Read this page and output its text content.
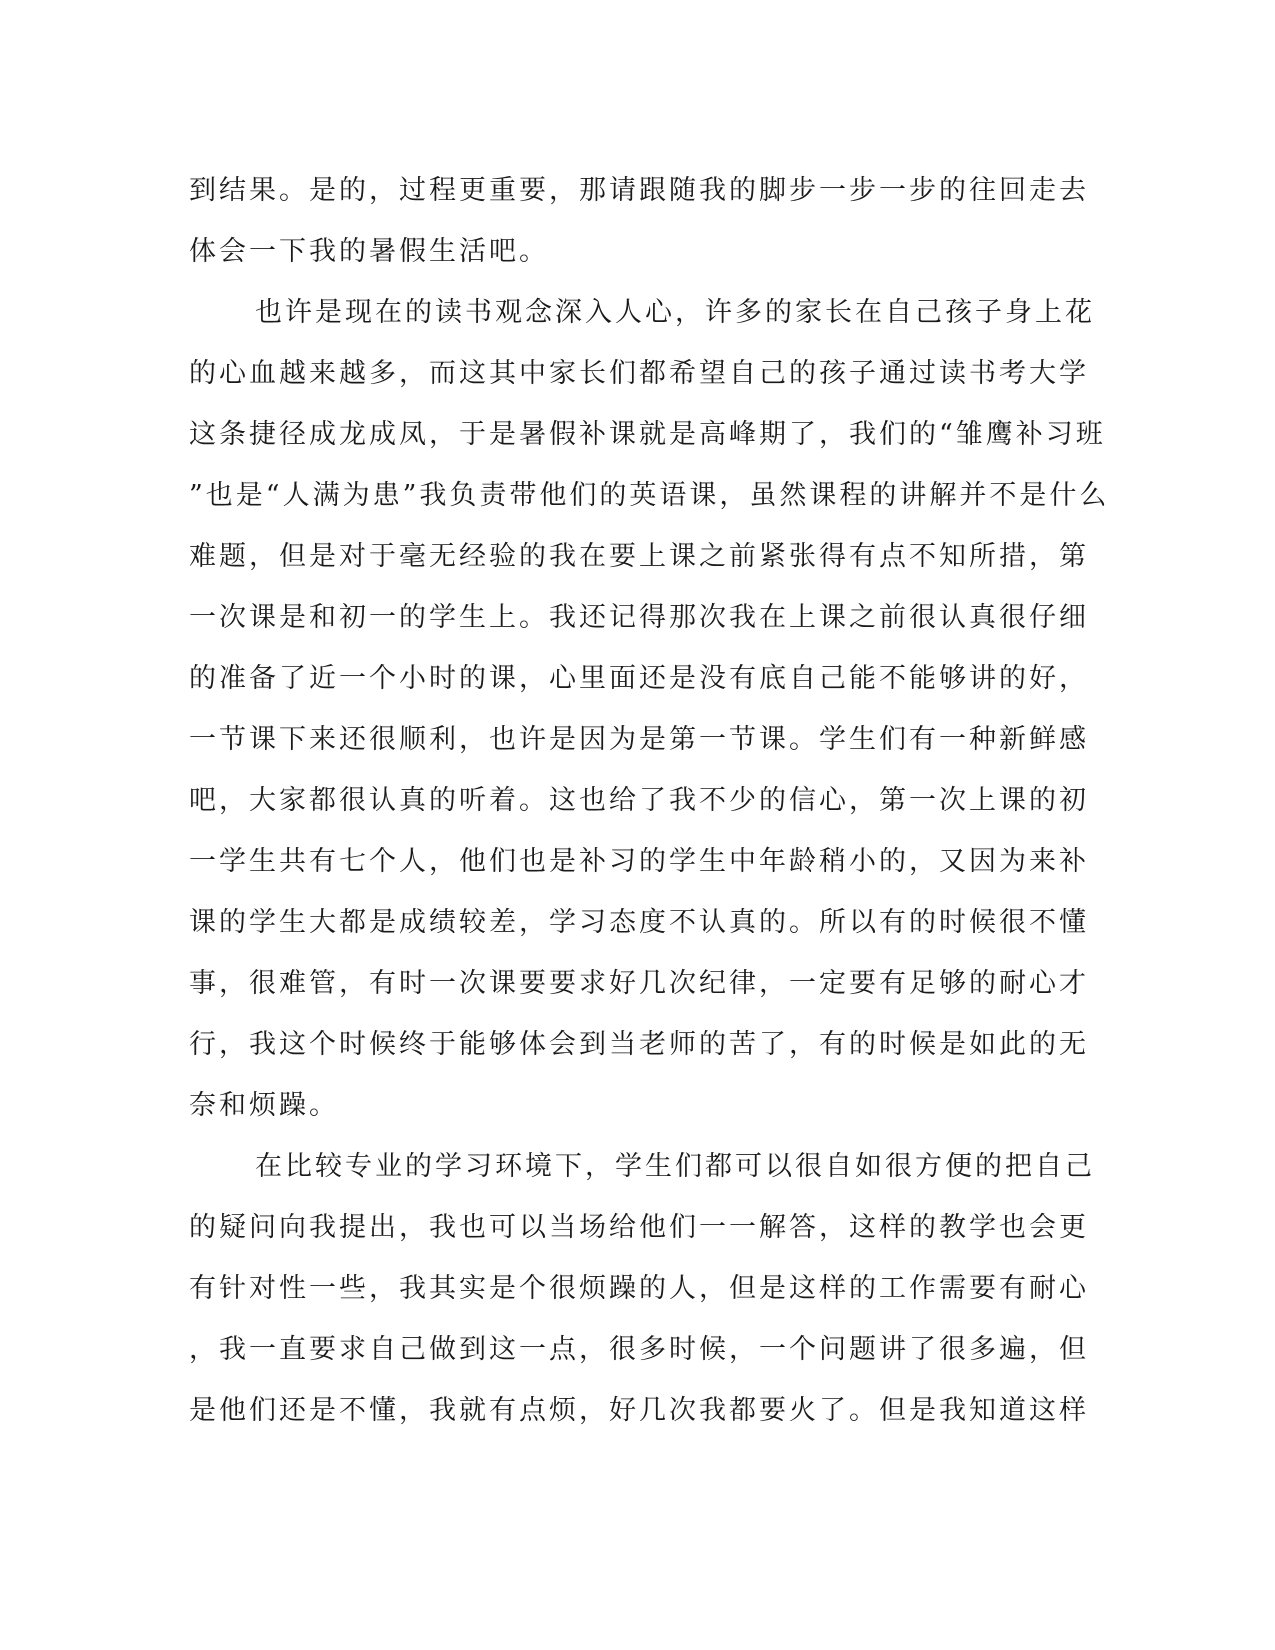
到结果。是的，过程更重要，那请跟随我的脚步一步一步的往回走去
体会一下我的暑假生活吧。
也许是现在的读书观念深入人心，许多的家长在自己孩子身上花
的心血越来越多，而这其中家长们都希望自己的孩子通过读书考大学
这条捷径成龙成凤，于是暑假补课就是高峰期了，我们的“雏鹰补习班
”也是“人满为患”我负责带他们的英语课，虽然课程的讲解并不是什么
难题，但是对于毫无经验的我在要上课之前紧张得有点不知所措，第
一次课是和初一的学生上。我还记得那次我在上课之前很认真很仔细
的准备了近一个小时的课，心里面还是没有底自己能不能够讲的好，
一节课下来还很顺利，也许是因为是第一节课。学生们有一种新鲜感
吧，大家都很认真的听着。这也给了我不少的信心，第一次上课的初
一学生共有七个人，他们也是补习的学生中年龄稍小的，又因为来补
课的学生大都是成绩较差，学习态度不认真的。所以有的时候很不懂
事，很难管，有时一次课要要求好几次纪律，一定要有足够的耐心才
行，我这个时候终于能够体会到当老师的苦了，有的时候是如此的无
奈和烦躁。
在比较专业的学习环境下，学生们都可以很自如很方便的把自己
的疑问向我提出，我也可以当场给他们一一解答，这样的教学也会更
有针对性一些，我其实是个很烦躁的人，但是这样的工作需要有耐心
，我一直要求自己做到这一点，很多时候，一个问题讲了很多遍，但
是他们还是不懂，我就有点烦，好几次我都要火了。但是我知道这样
